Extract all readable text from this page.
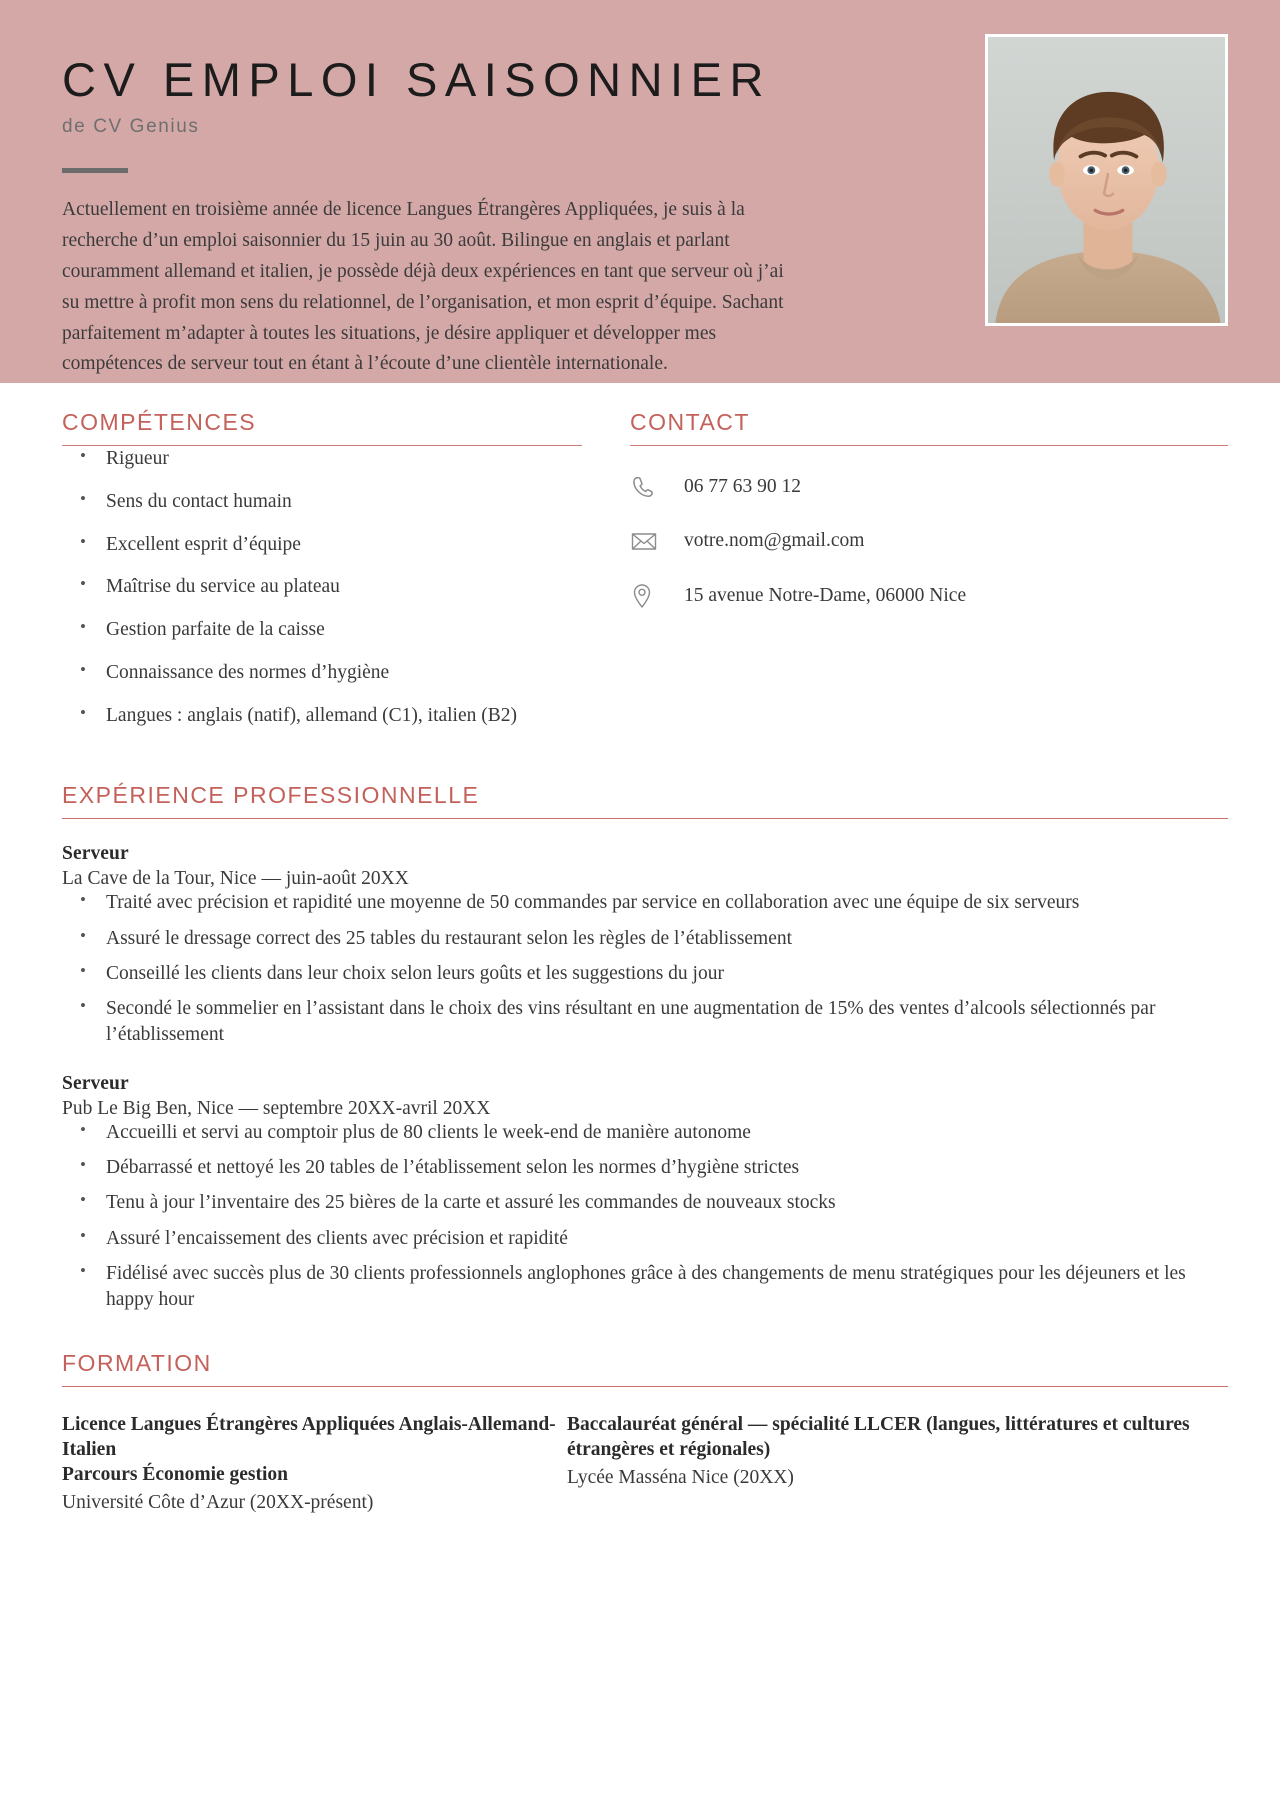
CV EMPLOI SAISONNIER
de CV Genius
Actuellement en troisième année de licence Langues Étrangères Appliquées, je suis à la recherche d’un emploi saisonnier du 15 juin au 30 août. Bilingue en anglais et parlant couramment allemand et italien, je possède déjà deux expériences en tant que serveur où j’ai su mettre à profit mon sens du relationnel, de l’organisation, et mon esprit d’équipe. Sachant parfaitement m’adapter à toutes les situations, je désire appliquer et développer mes compétences de serveur tout en étant à l’écoute d’une clientèle internationale.
COMPÉTENCES
• Rigueur
• Sens du contact humain
• Excellent esprit d’équipe
• Maîtrise du service au plateau
• Gestion parfaite de la caisse
• Connaissance des normes d’hygiène
• Langues : anglais (natif), allemand (C1), italien (B2)
CONTACT
06 77 63 90 12
votre.nom@gmail.com
15 avenue Notre-Dame, 06000 Nice
EXPÉRIENCE PROFESSIONNELLE
Serveur
La Cave de la Tour, Nice — juin-août 20XX
• Traité avec précision et rapidité une moyenne de 50 commandes par service en collaboration avec une équipe de six serveurs
• Assuré le dressage correct des 25 tables du restaurant selon les règles de l’établissement
• Conseillé les clients dans leur choix selon leurs goûts et les suggestions du jour
• Secondé le sommelier en l’assistant dans le choix des vins résultant en une augmentation de 15% des ventes d’alcools sélectionnés par l’établissement
Serveur
Pub Le Big Ben, Nice — septembre 20XX-avril 20XX
• Accueilli et servi au comptoir plus de 80 clients le week-end de manière autonome
• Débarrassé et nettoyé les 20 tables de l’établissement selon les normes d’hygiène strictes
• Tenu à jour l’inventaire des 25 bières de la carte et assuré les commandes de nouveaux stocks
• Assuré l’encaissement des clients avec précision et rapidité
• Fidélisé avec succès plus de 30 clients professionnels anglophones grâce à des changements de menu stratégiques pour les déjeuners et les happy hour
FORMATION
Licence Langues Étrangères Appliquées Anglais-Allemand-Italien
Parcours Économie gestion
Université Côte d’Azur (20XX-présent)
Baccalauréat général — spécialité LLCER (langues, littératures et cultures étrangères et régionales)
Lycée Masséna Nice (20XX)
